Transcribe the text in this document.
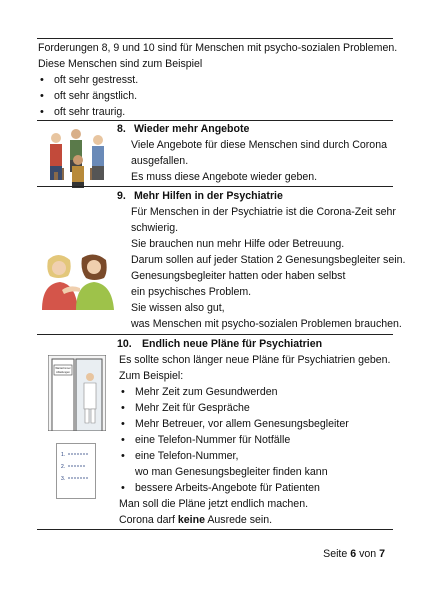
Forderungen 8, 9 und 10 sind für Menschen mit psycho-sozialen Problemen.

Diese Menschen sind zum Beispiel

• oft sehr gestresst.

• oft sehr ängstlich.

• oft sehr traurig.

8. Wieder mehr Angebote

Viele Angebote für diese Menschen sind durch Corona

ausgefallen.

Es muss diese Angebote wieder geben.

9. Mehr Hilfen in der Psychiatrie

Für Menschen in der Psychiatrie ist die Corona-Zeit sehr

schwierig.

Sie brauchen nun mehr Hilfe oder Betreuung.

Darum sollen auf jeder Station 2 Genesungsbegleiter sein.

Genesungsbegleiter hatten oder haben selbst

ein psychisches Problem.

Sie wissen also gut,

was Menschen mit psycho-sozialen Problemen brauchen.

Wartezimmer
Abteilungen
1.
2.
3.

10. Endlich neue Pläne für Psychiatrien

Es sollte schon länger neue Pläne für Psychiatrien geben.

Zum Beispiel:

• Mehr Zeit zum Gesundwerden

• Mehr Zeit für Gespräche

• Mehr Betreuer, vor allem Genesungsbegleiter

• eine Telefon-Nummer für Notfälle

• eine Telefon-Nummer,

wo man Genesungsbegleiter finden kann

• bessere Arbeits-Angebote für Patienten

Man soll die Pläne jetzt endlich machen.

Corona darf keine Ausrede sein.

Seite 6 von 7
